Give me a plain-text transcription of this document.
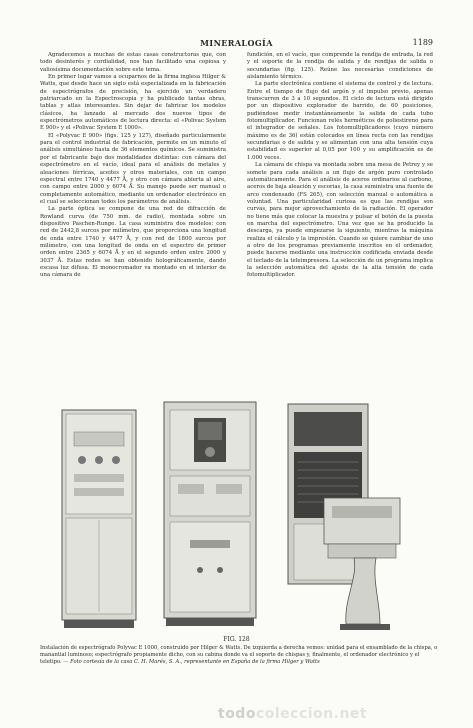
MINERALOGÍA	1189

Agradecemos a muchas de estas casas constructoras que, con todo desinterés y cordialidad, nos han facilitado una copiosa y valiosísima documentación sobre este tema.

En primer lugar vamos a ocuparnos de la firma inglesa Hilger & Watts, que desde hace un siglo está especializada en la fabricación de espectrógrafos de precisión, ha ejercido un verdadero patriarcado en la Espectroscopia y ha publicado tantas obras, tablas y atlas interesantes. Sin dejar de fabricar los modelos clásicos, ha lanzado al mercado dos nuevos tipos de espectrómetros automáticos de lectura directa: el «Polivac System E 900» y el «Polivac System E 1000».

El «Polyvac E 900» (figs. 125 y 127), diseñado particularmente para el control industrial de fabricación, permite en un minuto el análisis simultáneo hasta de 36 elementos químicos. Se suministra por el fabricante bajo dos modalidades distintas: con cámara del espectrómetro en el vacío, ideal para el análisis de metales y aleaciones férricas, aceites y otros materiales, con un campo espectral entre 1740 y 4477 Å, y otro con cámara abierta al aire, con campo entre 2000 y 6074 Å. Su manejo puede ser manual o completamente automático, mediante un ordenador electrónico en el cual se seleccionan todos los parámetros de análisis.

La parte óptica se compone de una red de difracción de Rowland curva (de 750 mm. de radio), montada sobre un dispositivo Paschen-Runge. La casa suministra dos modelos: con red de 2442,8 surcos por milímetro, que proporciona una longitud de onda entre 1740 y 4477 Å, y con red de 1800 surcos por milímetro, con una longitud de onda en el espectro de primer orden entre 2365 y 6074 Å y en el segundo orden entre 2000 y 3037 Å. Estas redes se han obtenido holográficamente, dando escasa luz difusa. El monocromador va montado en el interior de una cámara de

fundición, en el vacío, que comprende la rendija de entrada, la red y el soporte de la rendija de salida y de rendijas de salida o secundarias (fig. 125). Reúne las necesarias condiciones de aislamiento térmico.

La parte electrónica contiene el sistema de control y de lectura. Entre el tiempo de flujo del argón y el impulso previo, apenas transcurren de 3 a 10 segundos. El ciclo de lectura está dirigido por un dispositivo explorador de barrido, de 60 posiciones, pudiéndose medir instantáneamente la salida de cada tubo fotomultiplicador. Funcionan relés herméticos de poliestireno para el integrador de señales. Los fotomultiplicadores (cuyo número máximo es de 36) están colocados en línea recta con las rendijas secundarias o de salida y se alimentan con una alta tensión cuya estabilidad es superior al 0,05 por 100 y su amplificación es de 1.000 veces.

La cámara de chispa va montada sobre una mesa de Petrey y se somete para cada análisis a un flujo de argón puro controlado automáticamente. Para el análisis de aceros ordinarios al carbono, aceros de baja aleación y escorias, la casa suministra una fuente de arco condensado (FS 265), con selección manual o automática a voluntad. Una particularidad curiosa es que las rendijas son curvas, para mejor aprovechamiento de la radiación. El operador no tiene más que colocar la muestra y pulsar el botón de la puesta en marcha del espectrómetro. Una vez que se ha producido la descarga, ya puede empezarse la siguiente, mientras la máquina realiza el cálculo y la impresión. Cuando se quiere cambiar de uno a otro de los programas previamente inscritos en el ordenador, puede hacerse mediante una instrucción codificada enviada desde el teclado de la teleimpresora. La selección de un programa implica la selección automática del ajuste de la alta tensión de cada fotomultiplicador.

FIG. 128
Instalación de espectrógrafo Polyvac E 1000, construido por Hilger & Watts. De izquierda a derecha vemos: unidad para el ensamblado de la chispa, o manantial luminoso; espectrógrafo propiamente dicho, con su cabina donde va el soporte de chispas y, finalmente, el ordenador electrónico y el teletipo. — Foto cortesía de la casa C. H. Marés, S. A., representante en España de la firma Hilger y Watts
todocoleccion.net
